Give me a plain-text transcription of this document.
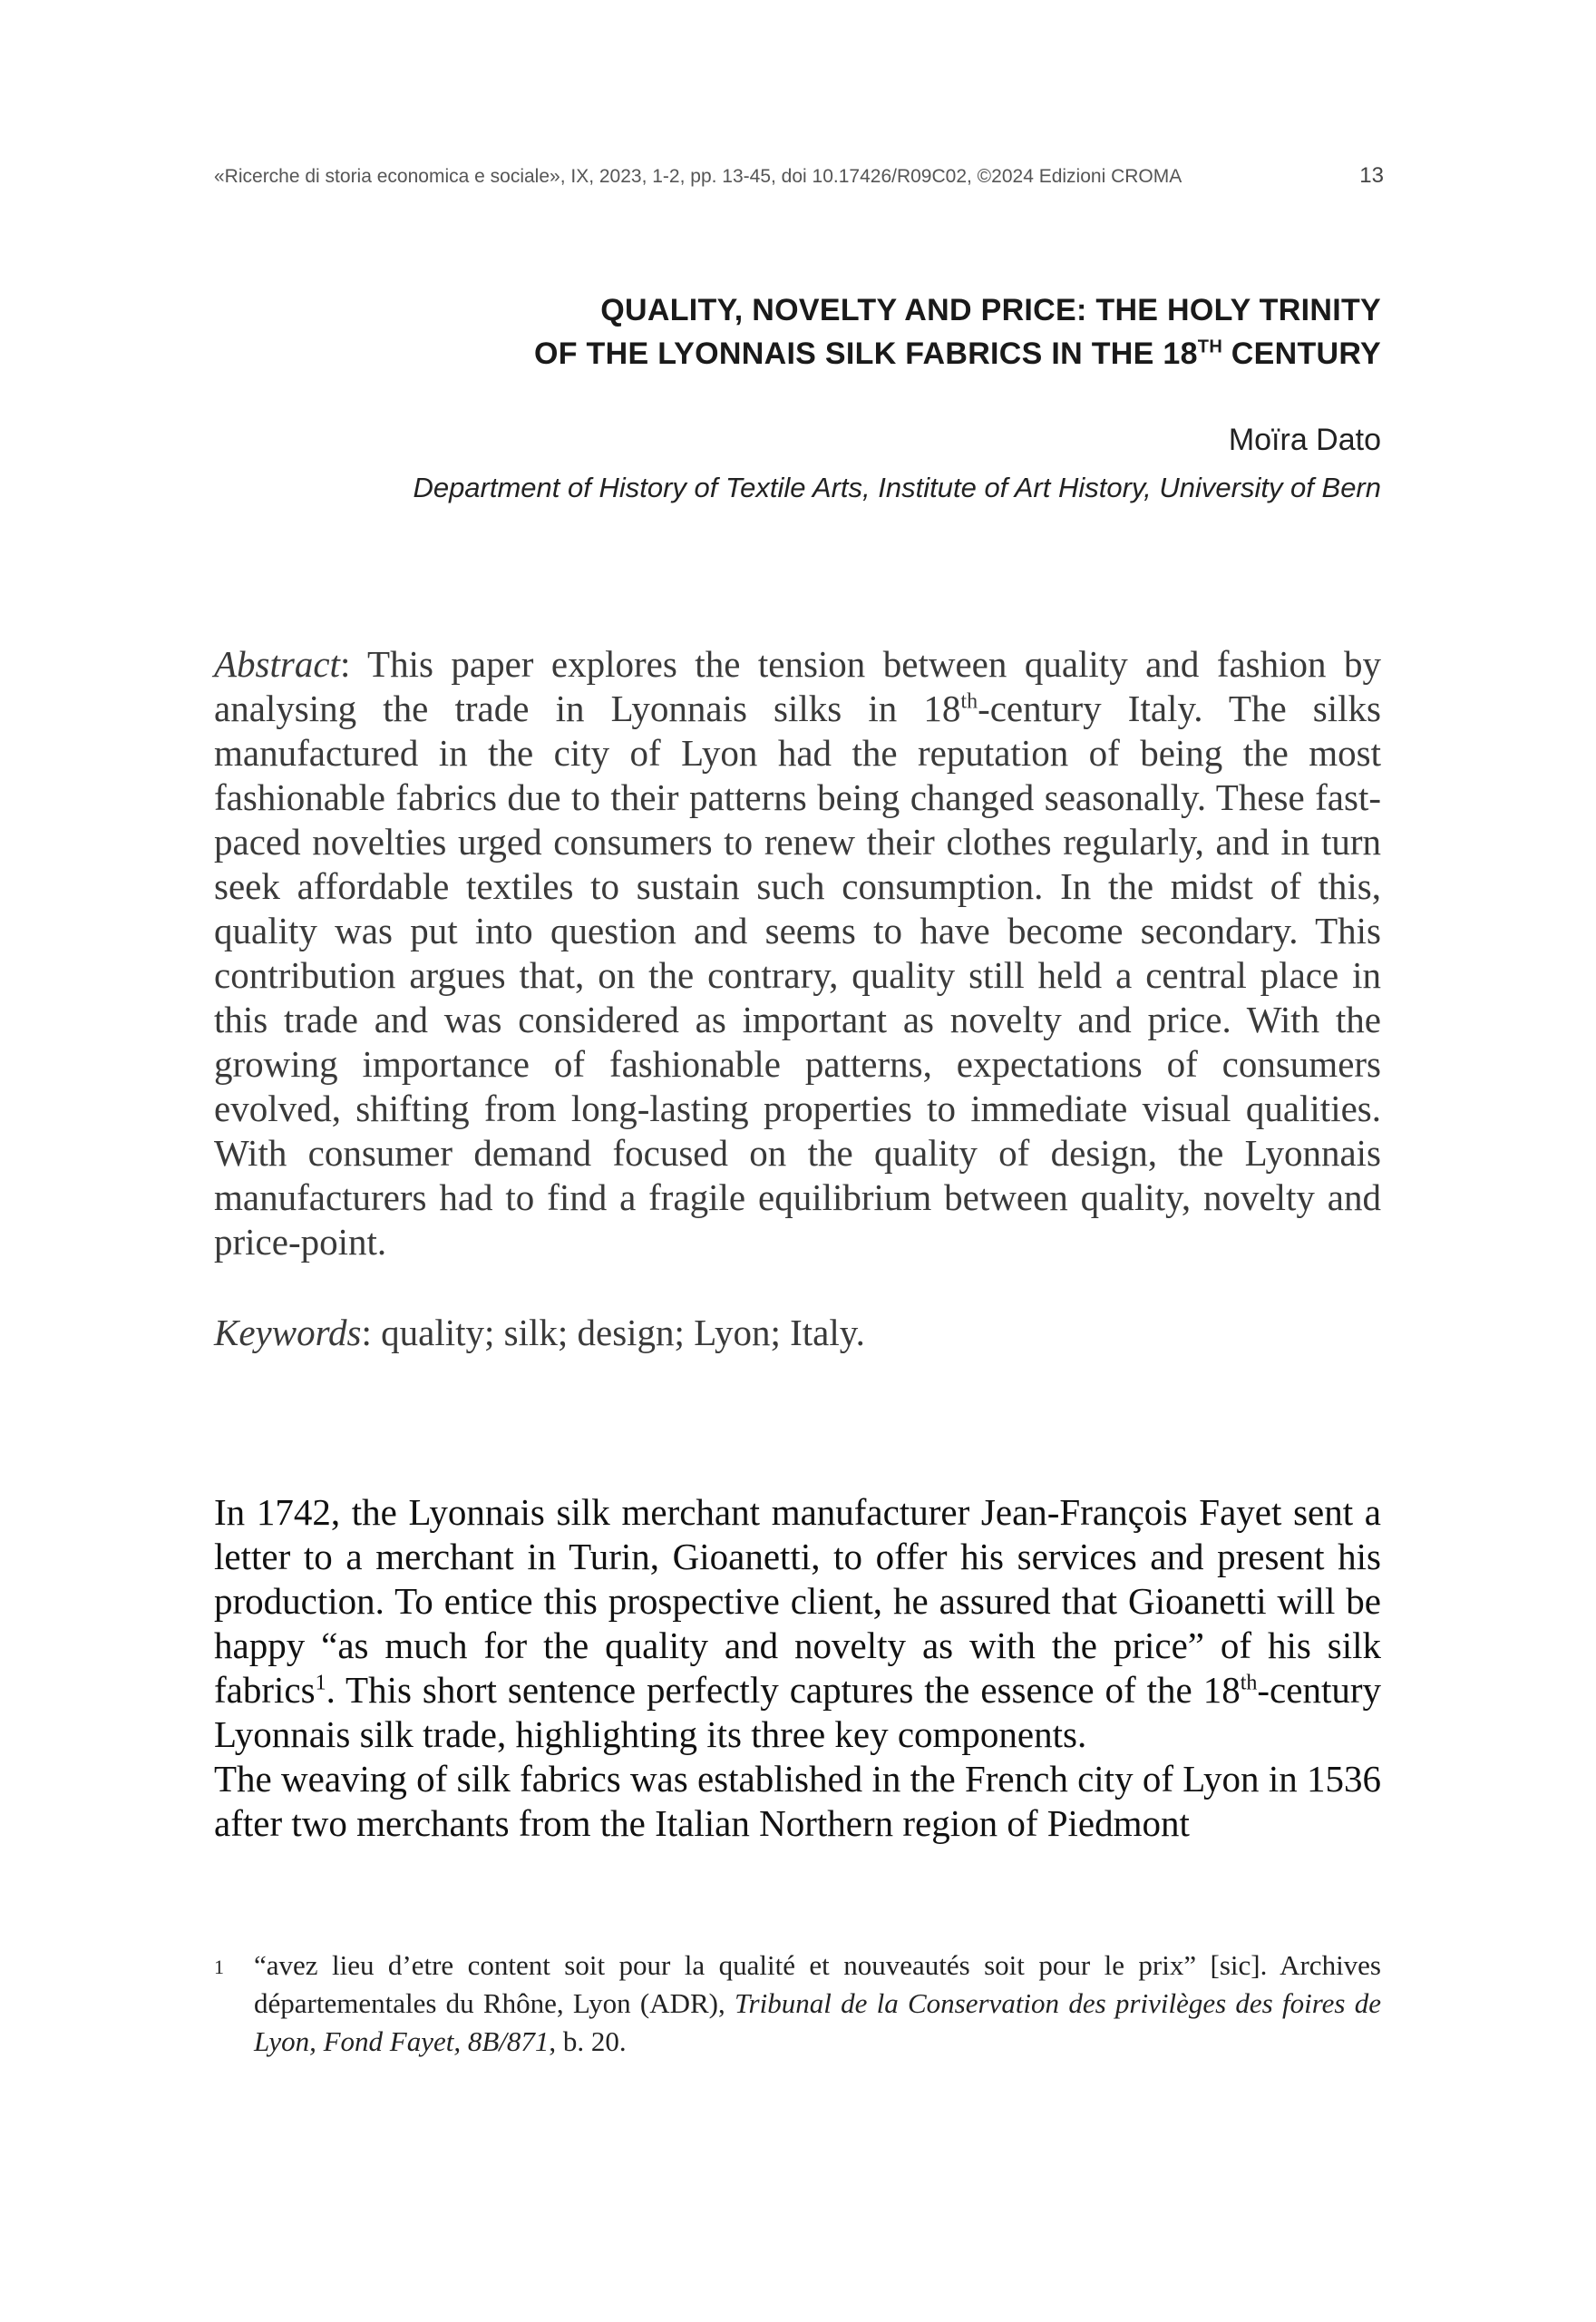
«Ricerche di storia economica e sociale», IX, 2023, 1-2, pp. 13-45, doi 10.17426/R09C02, ©2024 Edizioni CROMA	13
QUALITY, NOVELTY AND PRICE: THE HOLY TRINITY
OF THE LYONNAIS SILK FABRICS IN THE 18TH CENTURY
Moïra Dato
Department of History of Textile Arts, Institute of Art History, University of Bern

Abstract: This paper explores the tension between quality and fashion by analysing the trade in Lyonnais silks in 18th-century Italy. The silks manufactured in the city of Lyon had the reputation of being the most fashionable fabrics due to their patterns being changed seasonally. These fast-paced novelties urged consumers to renew their clothes regularly, and in turn seek affordable textiles to sustain such consumption. In the midst of this, quality was put into question and seems to have become secondary. This contribution argues that, on the contrary, quality still held a central place in this trade and was considered as important as novelty and price. With the growing importance of fashionable patterns, expectations of consumers evolved, shifting from long-lasting properties to immediate visual qualities. With consumer demand focused on the quality of design, the Lyonnais manufacturers had to find a fragile equilibrium between quality, novelty and price-point.

Keywords: quality; silk; design; Lyon; Italy.

In 1742, the Lyonnais silk merchant manufacturer Jean-François Fayet sent a letter to a merchant in Turin, Gioanetti, to offer his services and present his production. To entice this prospective client, he assured that Gioanetti will be happy “as much for the quality and novelty as with the price” of his silk fabrics$^1$. This short sentence perfectly captures the essence of the 18th-century Lyonnais silk trade, highlighting its three key components.

The weaving of silk fabrics was established in the French city of Lyon in 1536 after two merchants from the Italian Northern region of Piedmont

1	“avez lieu d’etre content soit pour la qualité et nouveautés soit pour le prix” [sic]. Archives départementales du Rhône, Lyon (ADR), Tribunal de la Conservation des privilèges des foires de Lyon, Fond Fayet, 8B/871, b. 20.
